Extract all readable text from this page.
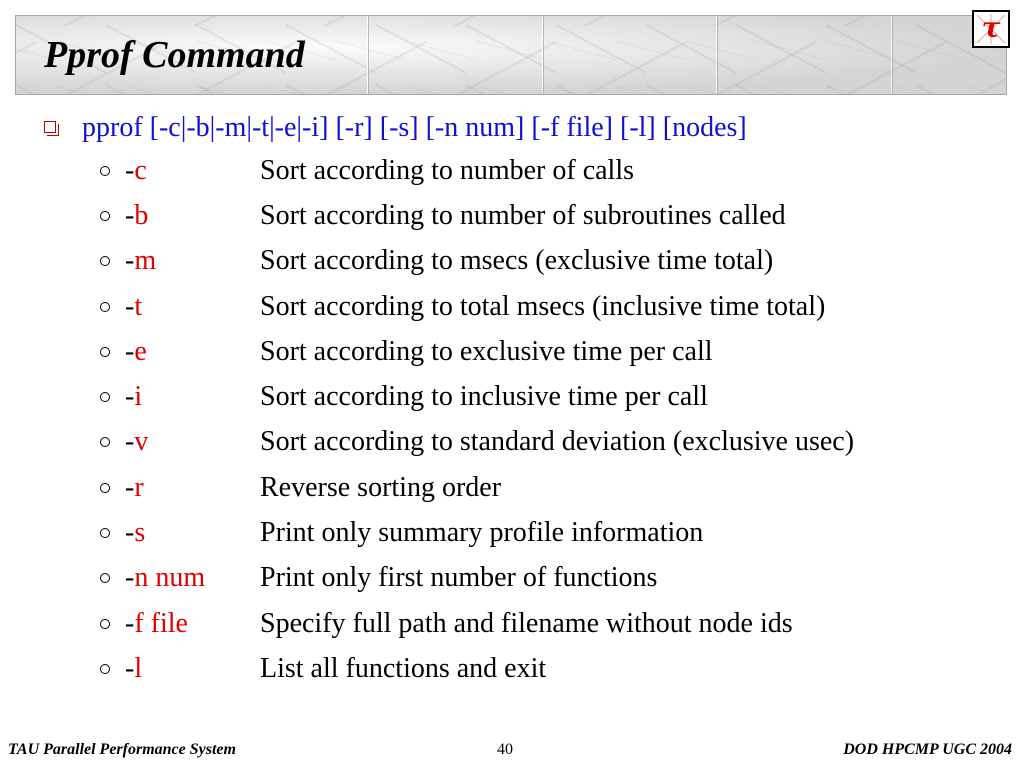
Pprof Command
τ
pprof [-c|-b|-m|-t|-e|-i] [-r] [-s] [-n num] [-f file] [-l] [nodes]
-c	Sort according to number of calls
-b	Sort according to number of subroutines called
-m	Sort according to msecs (exclusive time total)
-t	Sort according to total msecs (inclusive time total)
-e	Sort according to exclusive time per call
-i	Sort according to inclusive time per call
-v	Sort according to standard deviation (exclusive usec)
-r	Reverse sorting order
-s	Print only summary profile information
-n num	Print only first number of functions
-f file	Specify full path and filename without node ids
-l	List all functions and exit
TAU Parallel Performance System	40	DOD HPCMP UGC 2004
